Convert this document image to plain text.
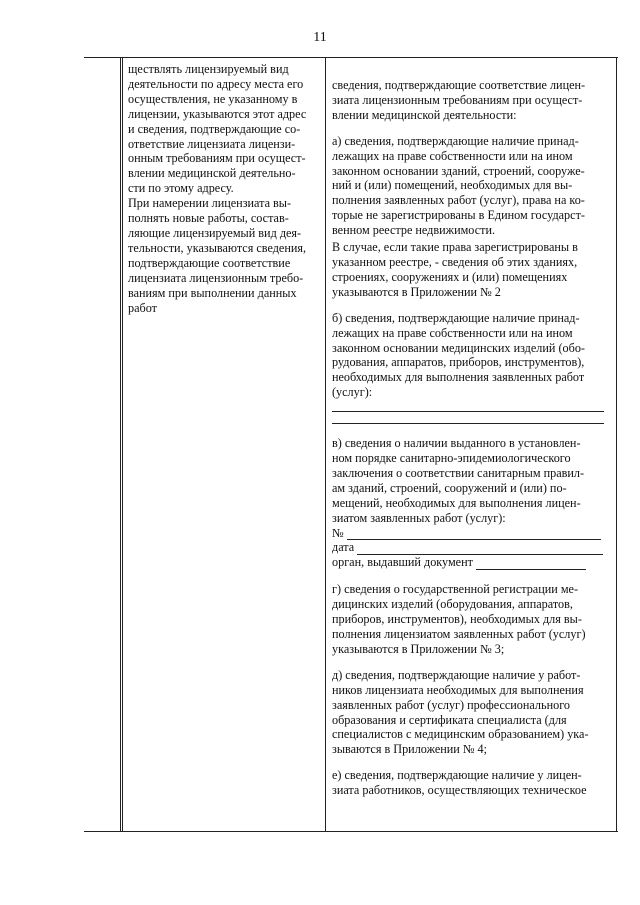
11
ществлять лицензируемый вид
деятельности по адресу места его
осуществления, не указанному в
лицензии, указываются этот адрес
и сведения, подтверждающие со-
ответствие лицензиата лицензи-
онным требованиям при осущест-
влении медицинской деятельно-
сти по этому адресу.
При намерении лицензиата вы-
полнять новые работы, состав-
ляющие лицензируемый вид дея-
тельности, указываются сведения,
подтверждающие соответствие
лицензиата лицензионным требо-
ваниям при выполнении данных
работ
сведения, подтверждающие соответствие лицен-
зиата лицензионным требованиям при осущест-
влении медицинской деятельности:
а) сведения, подтверждающие наличие принад-
лежащих на праве собственности или на ином
законном основании зданий, строений, сооруже-
ний и (или) помещений, необходимых для вы-
полнения заявленных работ (услуг), права на ко-
торые не зарегистрированы в Едином государст-
венном реестре недвижимости.
В случае, если такие права зарегистрированы в
указанном реестре, - сведения об этих зданиях,
строениях, сооружениях и (или) помещениях
указываются в Приложении № 2
б) сведения, подтверждающие наличие принад-
лежащих на праве собственности или на ином
законном основании медицинских изделий (обо-
рудования, аппаратов, приборов, инструментов),
необходимых для выполнения заявленных работ
(услуг):
в) сведения о наличии выданного в установлен-
ном порядке санитарно-эпидемиологического
заключения о соответствии санитарным правил-
ам зданий, строений, сооружений и (или) по-
мещений, необходимых для выполнения лицен-
зиатом заявленных работ (услуг):
№
дата
орган, выдавший документ
г) сведения о государственной регистрации ме-
дицинских изделий (оборудования, аппаратов,
приборов, инструментов), необходимых для вы-
полнения лицензиатом заявленных работ (услуг)
указываются в Приложении № 3;
д) сведения, подтверждающие наличие у работ-
ников лицензиата необходимых для выполнения
заявленных работ (услуг) профессионального
образования и сертификата специалиста (для
специалистов с медицинским образованием) ука-
зываются в Приложении № 4;
е) сведения, подтверждающие наличие у лицен-
зиата работников, осуществляющих техническое
